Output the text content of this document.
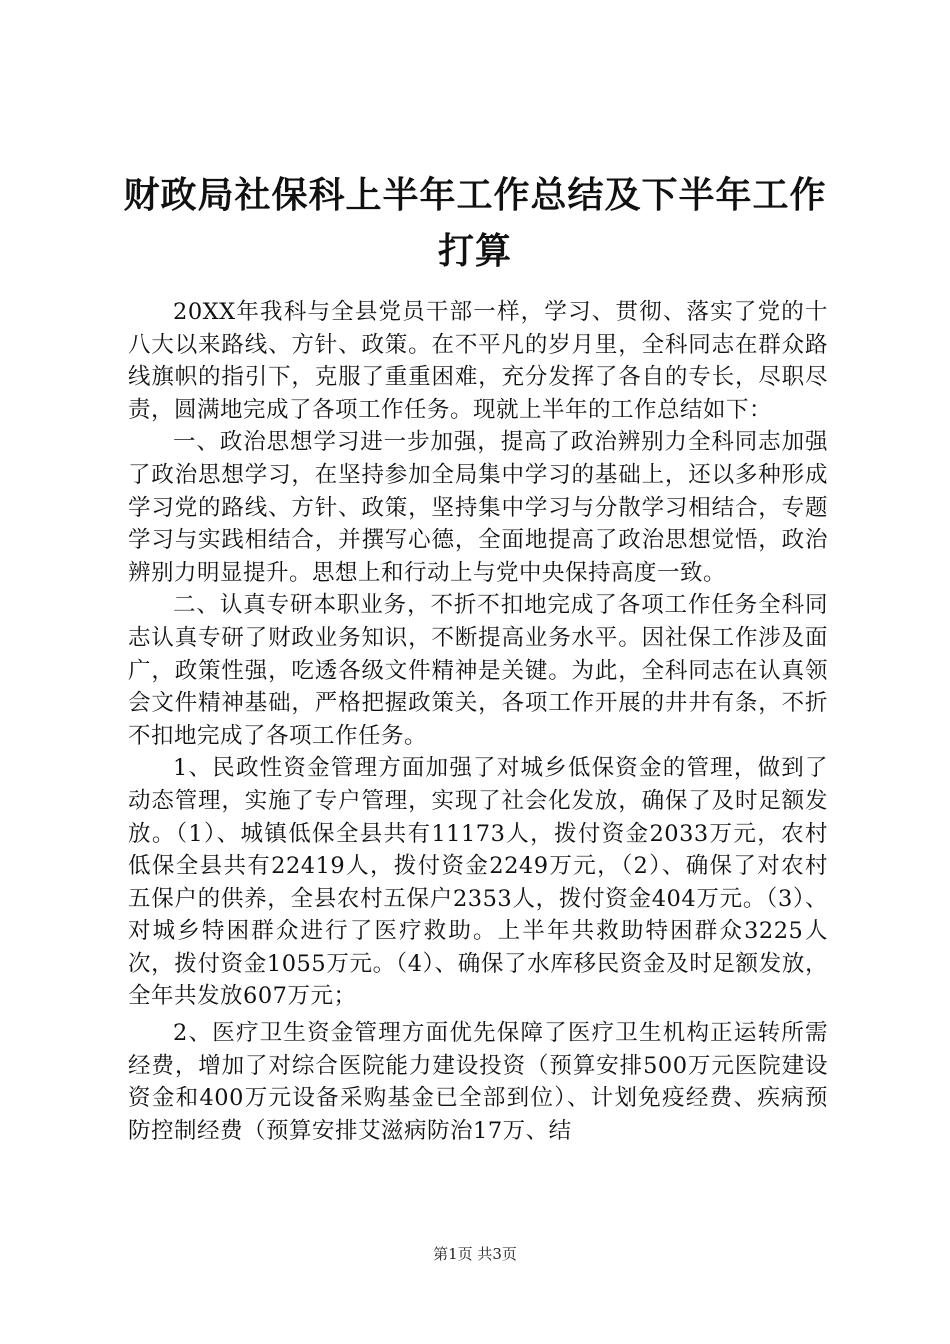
财政局社保科上半年工作总结及下半年工作打算

20XX年我科与全县党员干部一样，学习、贯彻、落实了党的十八大以来路线、方针、政策。在不平凡的岁月里，全科同志在群众路线旗帜的指引下，克服了重重困难，充分发挥了各自的专长，尽职尽责，圆满地完成了各项工作任务。现就上半年的工作总结如下：

一、政治思想学习进一步加强，提高了政治辨别力全科同志加强了政治思想学习，在坚持参加全局集中学习的基础上，还以多种形成学习党的路线、方针、政策，坚持集中学习与分散学习相结合，专题学习与实践相结合，并撰写心德，全面地提高了政治思想觉悟，政治辨别力明显提升。思想上和行动上与党中央保持高度一致。

二、认真专研本职业务，不折不扣地完成了各项工作任务全科同志认真专研了财政业务知识，不断提高业务水平。因社保工作涉及面广，政策性强，吃透各级文件精神是关键。为此，全科同志在认真领会文件精神基础，严格把握政策关，各项工作开展的井井有条，不折不扣地完成了各项工作任务。

1、民政性资金管理方面加强了对城乡低保资金的管理，做到了动态管理，实施了专户管理，实现了社会化发放，确保了及时足额发放。（1）、城镇低保全县共有11173人，拨付资金2033万元，农村低保全县共有22419人，拨付资金2249万元，（2）、确保了对农村五保户的供养，全县农村五保户2353人，拨付资金404万元。（3）、对城乡特困群众进行了医疗救助。上半年共救助特困群众3225人次，拨付资金1055万元。（4）、确保了水库移民资金及时足额发放，全年共发放607万元；

2、医疗卫生资金管理方面优先保障了医疗卫生机构正运转所需经费，增加了对综合医院能力建设投资（预算安排500万元医院建设资金和400万元设备采购基金已全部到位）、计划免疫经费、疾病预防控制经费（预算安排艾滋病防治17万、结

第1页 共3页
